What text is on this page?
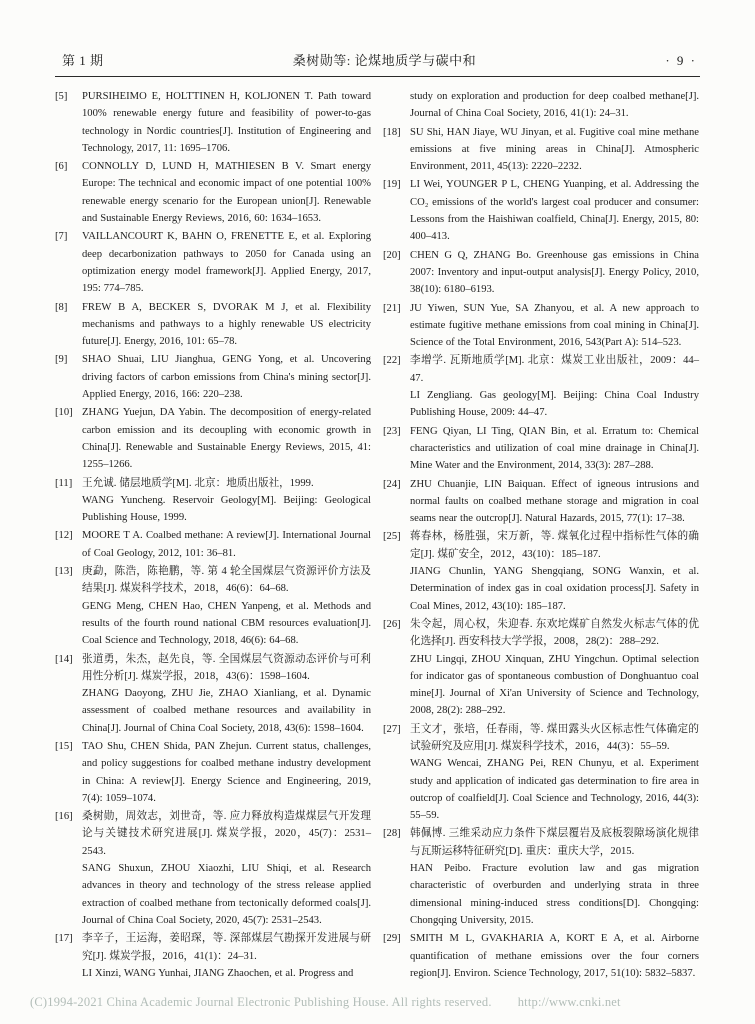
第 1 期	桑树勋等: 论煤地质学与碳中和	· 9 ·
[5] PURSIHEIMO E, HOLTTINEN H, KOLJONEN T. Path toward 100% renewable energy future and feasibility of power-to-gas technology in Nordic countries[J]. Institution of Engineering and Technology, 2017, 11: 1695–1706.

[6] CONNOLLY D, LUND H, MATHIESEN B V. Smart energy Europe: The technical and economic impact of one potential 100% renewable energy scenario for the European union[J]. Renewable and Sustainable Energy Reviews, 2016, 60: 1634–1653.

[7] VAILLANCOURT K, BAHN O, FRENETTE E, et al. Exploring deep decarbonization pathways to 2050 for Canada using an optimization energy model framework[J]. Applied Energy, 2017, 195: 774–785.

[8] FREW B A, BECKER S, DVORAK M J, et al. Flexibility mechanisms and pathways to a highly renewable US electricity future[J]. Energy, 2016, 101: 65–78.

[9] SHAO Shuai, LIU Jianghua, GENG Yong, et al. Uncovering driving factors of carbon emissions from China's mining sector[J]. Applied Energy, 2016, 166: 220–238.

[10] ZHANG Yuejun, DA Yabin. The decomposition of energy-related carbon emission and its decoupling with economic growth in China[J]. Renewable and Sustainable Energy Reviews, 2015, 41: 1255–1266.

[11] 王允诚. 储层地质学[M]. 北京：地质出版社，1999.

WANG Yuncheng. Reservoir Geology[M]. Beijing: Geological Publishing House, 1999.

[12] MOORE T A. Coalbed methane: A review[J]. International Journal of Coal Geology, 2012, 101: 36–81.

[13] 庚勐，陈浩，陈艳鹏，等. 第 4 轮全国煤层气资源评价方法及结果[J]. 煤炭科学技术，2018，46(6)：64–68.

GENG Meng, CHEN Hao, CHEN Yanpeng, et al. Methods and results of the fourth round national CBM resources evaluation[J]. Coal Science and Technology, 2018, 46(6): 64–68.

[14] 张道勇，朱杰，赵先良，等. 全国煤层气资源动态评价与可利用性分析[J]. 煤炭学报，2018，43(6)：1598–1604.

ZHANG Daoyong, ZHU Jie, ZHAO Xianliang, et al. Dynamic assessment of coalbed methane resources and availability in China[J]. Journal of China Coal Society, 2018, 43(6): 1598–1604.

[15] TAO Shu, CHEN Shida, PAN Zhejun. Current status, challenges, and policy suggestions for coalbed methane industry development in China: A review[J]. Energy Science and Engineering, 2019, 7(4): 1059–1074.

[16] 桑树勋，周效志，刘世奇，等. 应力释放构造煤煤层气开发理论与关键技术研究进展[J]. 煤炭学报，2020，45(7)：2531–2543.

SANG Shuxun, ZHOU Xiaozhi, LIU Shiqi, et al. Research advances in theory and technology of the stress release applied extraction of coalbed methane from tectonically deformed coals[J]. Journal of China Coal Society, 2020, 45(7): 2531–2543.

[17] 李辛子，王运海，姜昭琛，等. 深部煤层气勘探开发进展与研究[J]. 煤炭学报，2016，41(1)：24–31.

LI Xinzi, WANG Yunhai, JIANG Zhaochen, et al. Progress and

study on exploration and production for deep coalbed methane[J]. Journal of China Coal Society, 2016, 41(1): 24–31.

[18] SU Shi, HAN Jiaye, WU Jinyan, et al. Fugitive coal mine methane emissions at five mining areas in China[J]. Atmospheric Environment, 2011, 45(13): 2220–2232.

[19] LI Wei, YOUNGER P L, CHENG Yuanping, et al. Addressing the CO₂ emissions of the world's largest coal producer and consumer: Lessons from the Haishiwan coalfield, China[J]. Energy, 2015, 80: 400–413.

[20] CHEN G Q, ZHANG Bo. Greenhouse gas emissions in China 2007: Inventory and input-output analysis[J]. Energy Policy, 2010, 38(10): 6180–6193.

[21] JU Yiwen, SUN Yue, SA Zhanyou, et al. A new approach to estimate fugitive methane emissions from coal mining in China[J]. Science of the Total Environment, 2016, 543(Part A): 514–523.

[22] 李增学. 瓦斯地质学[M]. 北京：煤炭工业出版社，2009：44–47.

LI Zengliang. Gas geology[M]. Beijing: China Coal Industry Publishing House, 2009: 44–47.

[23] FENG Qiyan, LI Ting, QIAN Bin, et al. Erratum to: Chemical characteristics and utilization of coal mine drainage in China[J]. Mine Water and the Environment, 2014, 33(3): 287–288.

[24] ZHU Chuanjie, LIN Baiquan. Effect of igneous intrusions and normal faults on coalbed methane storage and migration in coal seams near the outcrop[J]. Natural Hazards, 2015, 77(1): 17–38.

[25] 蒋春林，杨胜强，宋万新，等. 煤氧化过程中指标性气体的确定[J]. 煤矿安全，2012，43(10)：185–187.

JIANG Chunlin, YANG Shengqiang, SONG Wanxin, et al. Determination of index gas in coal oxidation process[J]. Safety in Coal Mines, 2012, 43(10): 185–187.

[26] 朱令起，周心权，朱迎春. 东欢坨煤矿自然发火标志气体的优化选择[J]. 西安科技大学学报，2008，28(2)：288–292.

ZHU Lingqi, ZHOU Xinquan, ZHU Yingchun. Optimal selection for indicator gas of spontaneous combustion of Donghuantuo coal mine[J]. Journal of Xi'an University of Science and Technology, 2008, 28(2): 288–292.

[27] 王文才，张培，任春雨，等. 煤田露头火区标志性气体确定的试验研究及应用[J]. 煤炭科学技术，2016，44(3)：55–59.

WANG Wencai, ZHANG Pei, REN Chunyu, et al. Experiment study and application of indicated gas determination to fire area in outcrop of coalfield[J]. Coal Science and Technology, 2016, 44(3): 55–59.

[28] 韩佩博. 三维采动应力条件下煤层覆岩及底板裂隙场演化规律与瓦斯运移特征研究[D]. 重庆：重庆大学，2015.

HAN Peibo. Fracture evolution law and gas migration characteristic of overburden and underlying strata in three dimensional mining-induced stress conditions[D]. Chongqing: Chongqing University, 2015.

[29] SMITH M L, GVAKHARIA A, KORT E A, et al. Airborne quantification of methane emissions over the four corners region[J]. Environ. Science Technology, 2017, 51(10): 5832–5837.

(C)1994-2021 China Academic Journal Electronic Publishing House. All rights reserved. http://www.cnki.net
